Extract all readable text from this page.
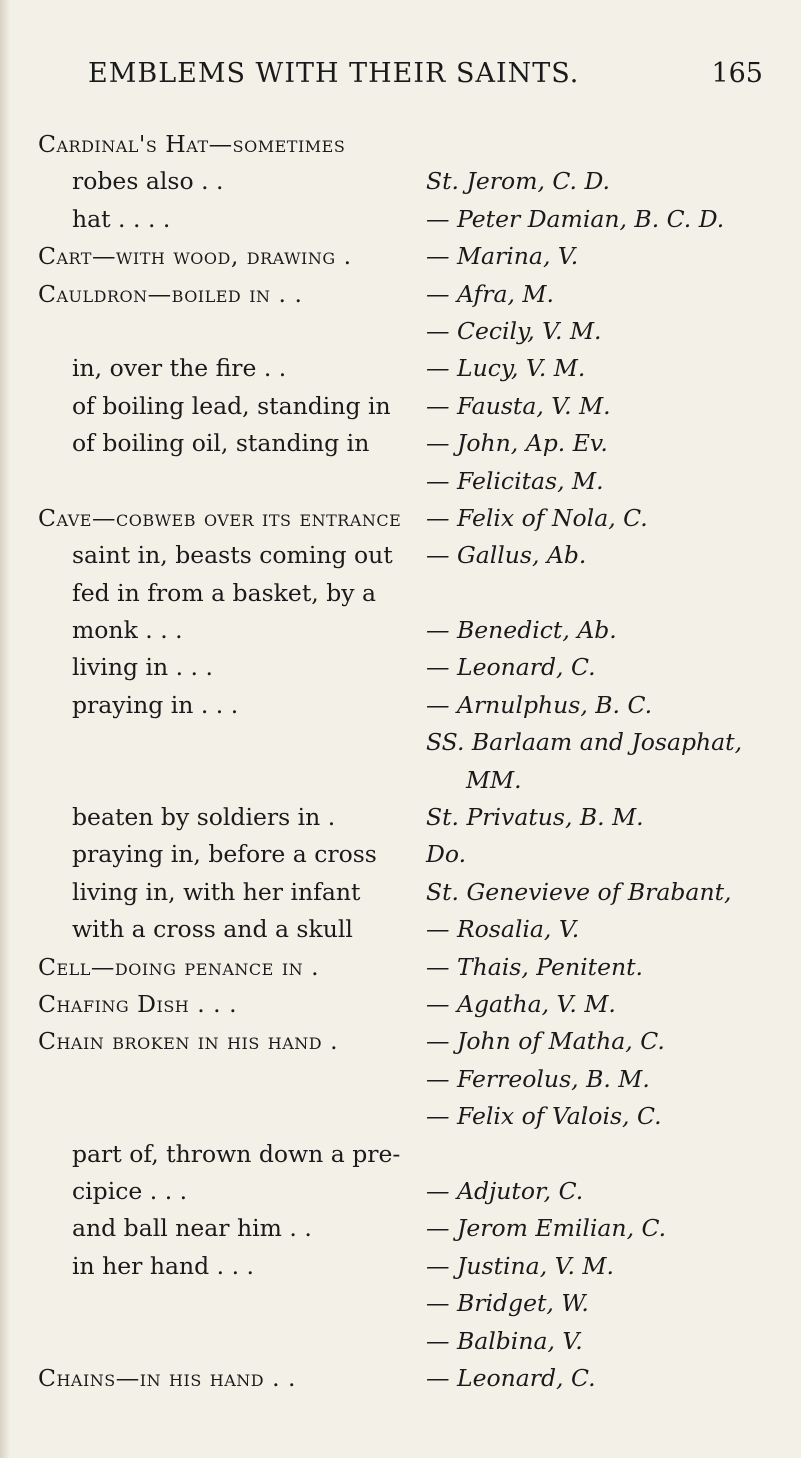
EMBLEMS WITH THEIR SAINTS.	165
Cardinal's Hat—sometimes
robes also . .	St. Jerom, C. D.
hat . . . .	— Peter Damian, B. C. D.
Cart—with wood, drawing .	— Marina, V.
Cauldron—boiled in . .	— Afra, M.
— Cecily, V. M.
in, over the fire . .	— Lucy, V. M.
of boiling lead, standing in — Fausta, V. M.
of boiling oil, standing in — John, Ap. Ev.
— Felicitas, M.
Cave—cobweb over its entrance — Felix of Nola, C.
saint in, beasts coming out — Gallus, Ab.
fed in from a basket, by a
monk . . .	— Benedict, Ab.
living in . . .	— Leonard, C.
praying in . . .	— Arnulphus, B. C.
SS. Barlaam and Josaphat,
MM.
beaten by soldiers in .	St. Privatus, B. M.
praying in, before a cross Do.
living in, with her infant	St. Genevieve of Brabant,
with a cross and a skull	— Rosalia, V.
Cell—doing penance in .	— Thais, Penitent.
Chafing Dish . . .	— Agatha, V. M.
Chain broken in his hand .	— John of Matha, C.
— Ferreolus, B. M.
— Felix of Valois, C.
part of, thrown down a pre-
cipice . . .	— Adjutor, C.
and ball near him . .	— Jerom Emilian, C.
in her hand . . .	— Justina, V. M.
— Bridget, W.
— Balbina, V.
Chains—in his hand . .	— Leonard, C.
